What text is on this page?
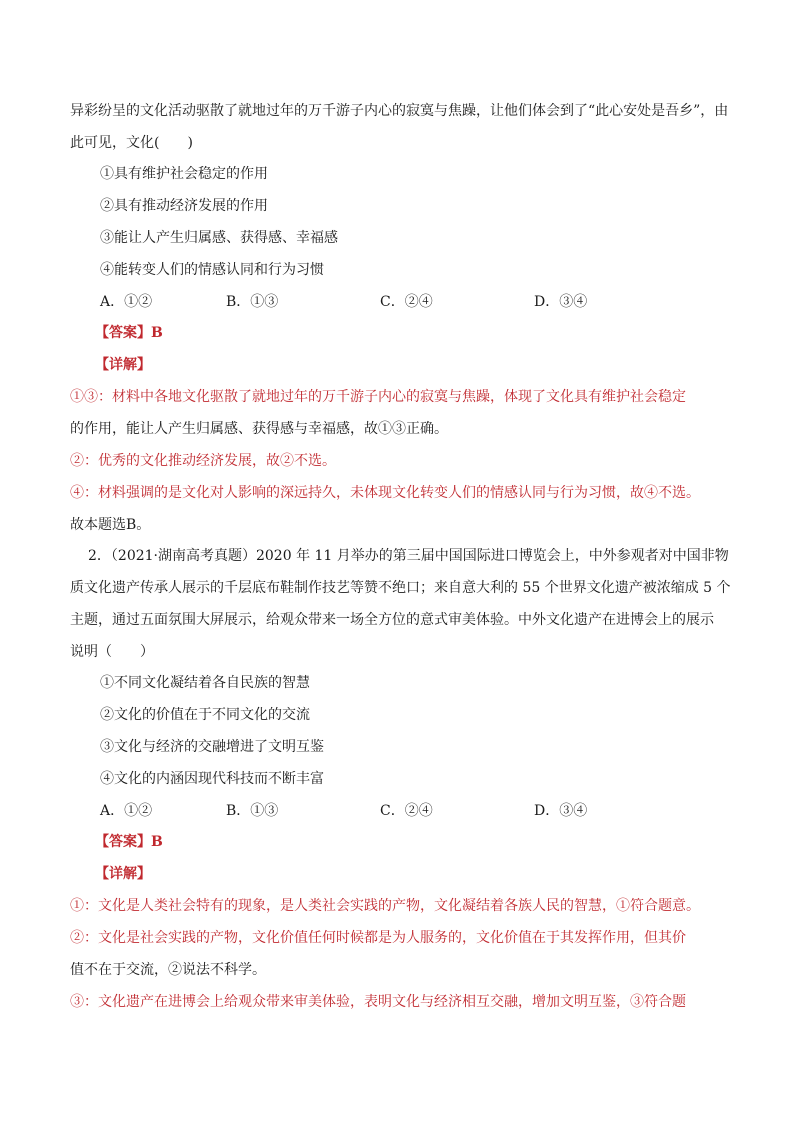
异彩纷呈的文化活动驱散了就地过年的万千游子内心的寂寞与焦躁，让他们体会到了“此心安处是吾乡”，由
此可见，文化(　　)
①具有维护社会稳定的作用
②具有推动经济发展的作用
③能让人产生归属感、获得感、幸福感
④能转变人们的情感认同和行为习惯
A．①②	B．①③	C．②④	D．③④
【答案】B
【详解】
①③：材料中各地文化驱散了就地过年的万千游子内心的寂寞与焦躁，体现了文化具有维护社会稳定
的作用，能让人产生归属感、获得感与幸福感，故①③正确。
②：优秀的文化推动经济发展，故②不选。
④：材料强调的是文化对人影响的深远持久，未体现文化转变人们的情感认同与行为习惯，故④不选。
故本题选B。
2．（2021·湖南高考真题）2020 年 11 月举办的第三届中国国际进口博览会上，中外参观者对中国非物
质文化遗产传承人展示的千层底布鞋制作技艺等赞不绝口；来自意大利的 55 个世界文化遗产被浓缩成 5 个
主题，通过五面氛围大屏展示，给观众带来一场全方位的意式审美体验。中外文化遗产在进博会上的展示
说明（　　）
①不同文化凝结着各自民族的智慧
②文化的价值在于不同文化的交流
③文化与经济的交融增进了文明互鉴
④文化的内涵因现代科技而不断丰富
A．①②	B．①③	C．②④	D．③④
【答案】B
【详解】
①：文化是人类社会特有的现象，是人类社会实践的产物，文化凝结着各族人民的智慧，①符合题意。
②：文化是社会实践的产物，文化价值任何时候都是为人服务的，文化价值在于其发挥作用，但其价
值不在于交流，②说法不科学。
③：文化遗产在进博会上给观众带来审美体验，表明文化与经济相互交融，增加文明互鉴，③符合题
